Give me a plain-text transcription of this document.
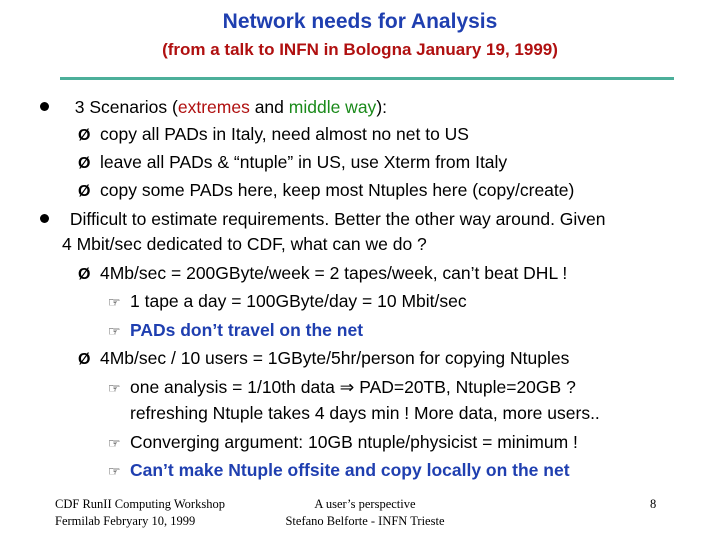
Network needs for Analysis
(from a talk to INFN in Bologna January 19, 1999)
3 Scenarios (extremes and middle way):
Ø copy all PADs in Italy, need almost no net to US
Ø leave all PADs & “ntuple” in US, use Xterm from Italy
Ø copy some PADs here, keep most Ntuples here (copy/create)
Difficult to estimate requirements. Better the other way around. Given
4 Mbit/sec dedicated to CDF, what can we do ?
Ø 4Mb/sec = 200GByte/week = 2 tapes/week, can’t beat DHL !
☞ 1 tape a day = 100GByte/day = 10 Mbit/sec
☞ PADs don’t travel on the net
Ø 4Mb/sec / 10 users = 1GByte/5hr/person for copying Ntuples
☞ one analysis = 1/10th data ⇒ PAD=20TB, Ntuple=20GB ?
refreshing Ntuple takes 4 days min ! More data, more users..
☞ Converging argument: 10GB ntuple/physicist = minimum !
☞ Can’t make Ntuple offsite and copy locally on the net
CDF RunII Computing Workshop
Fermilab Febryary 10, 1999
A user’s perspective
Stefano Belforte - INFN Trieste
8
